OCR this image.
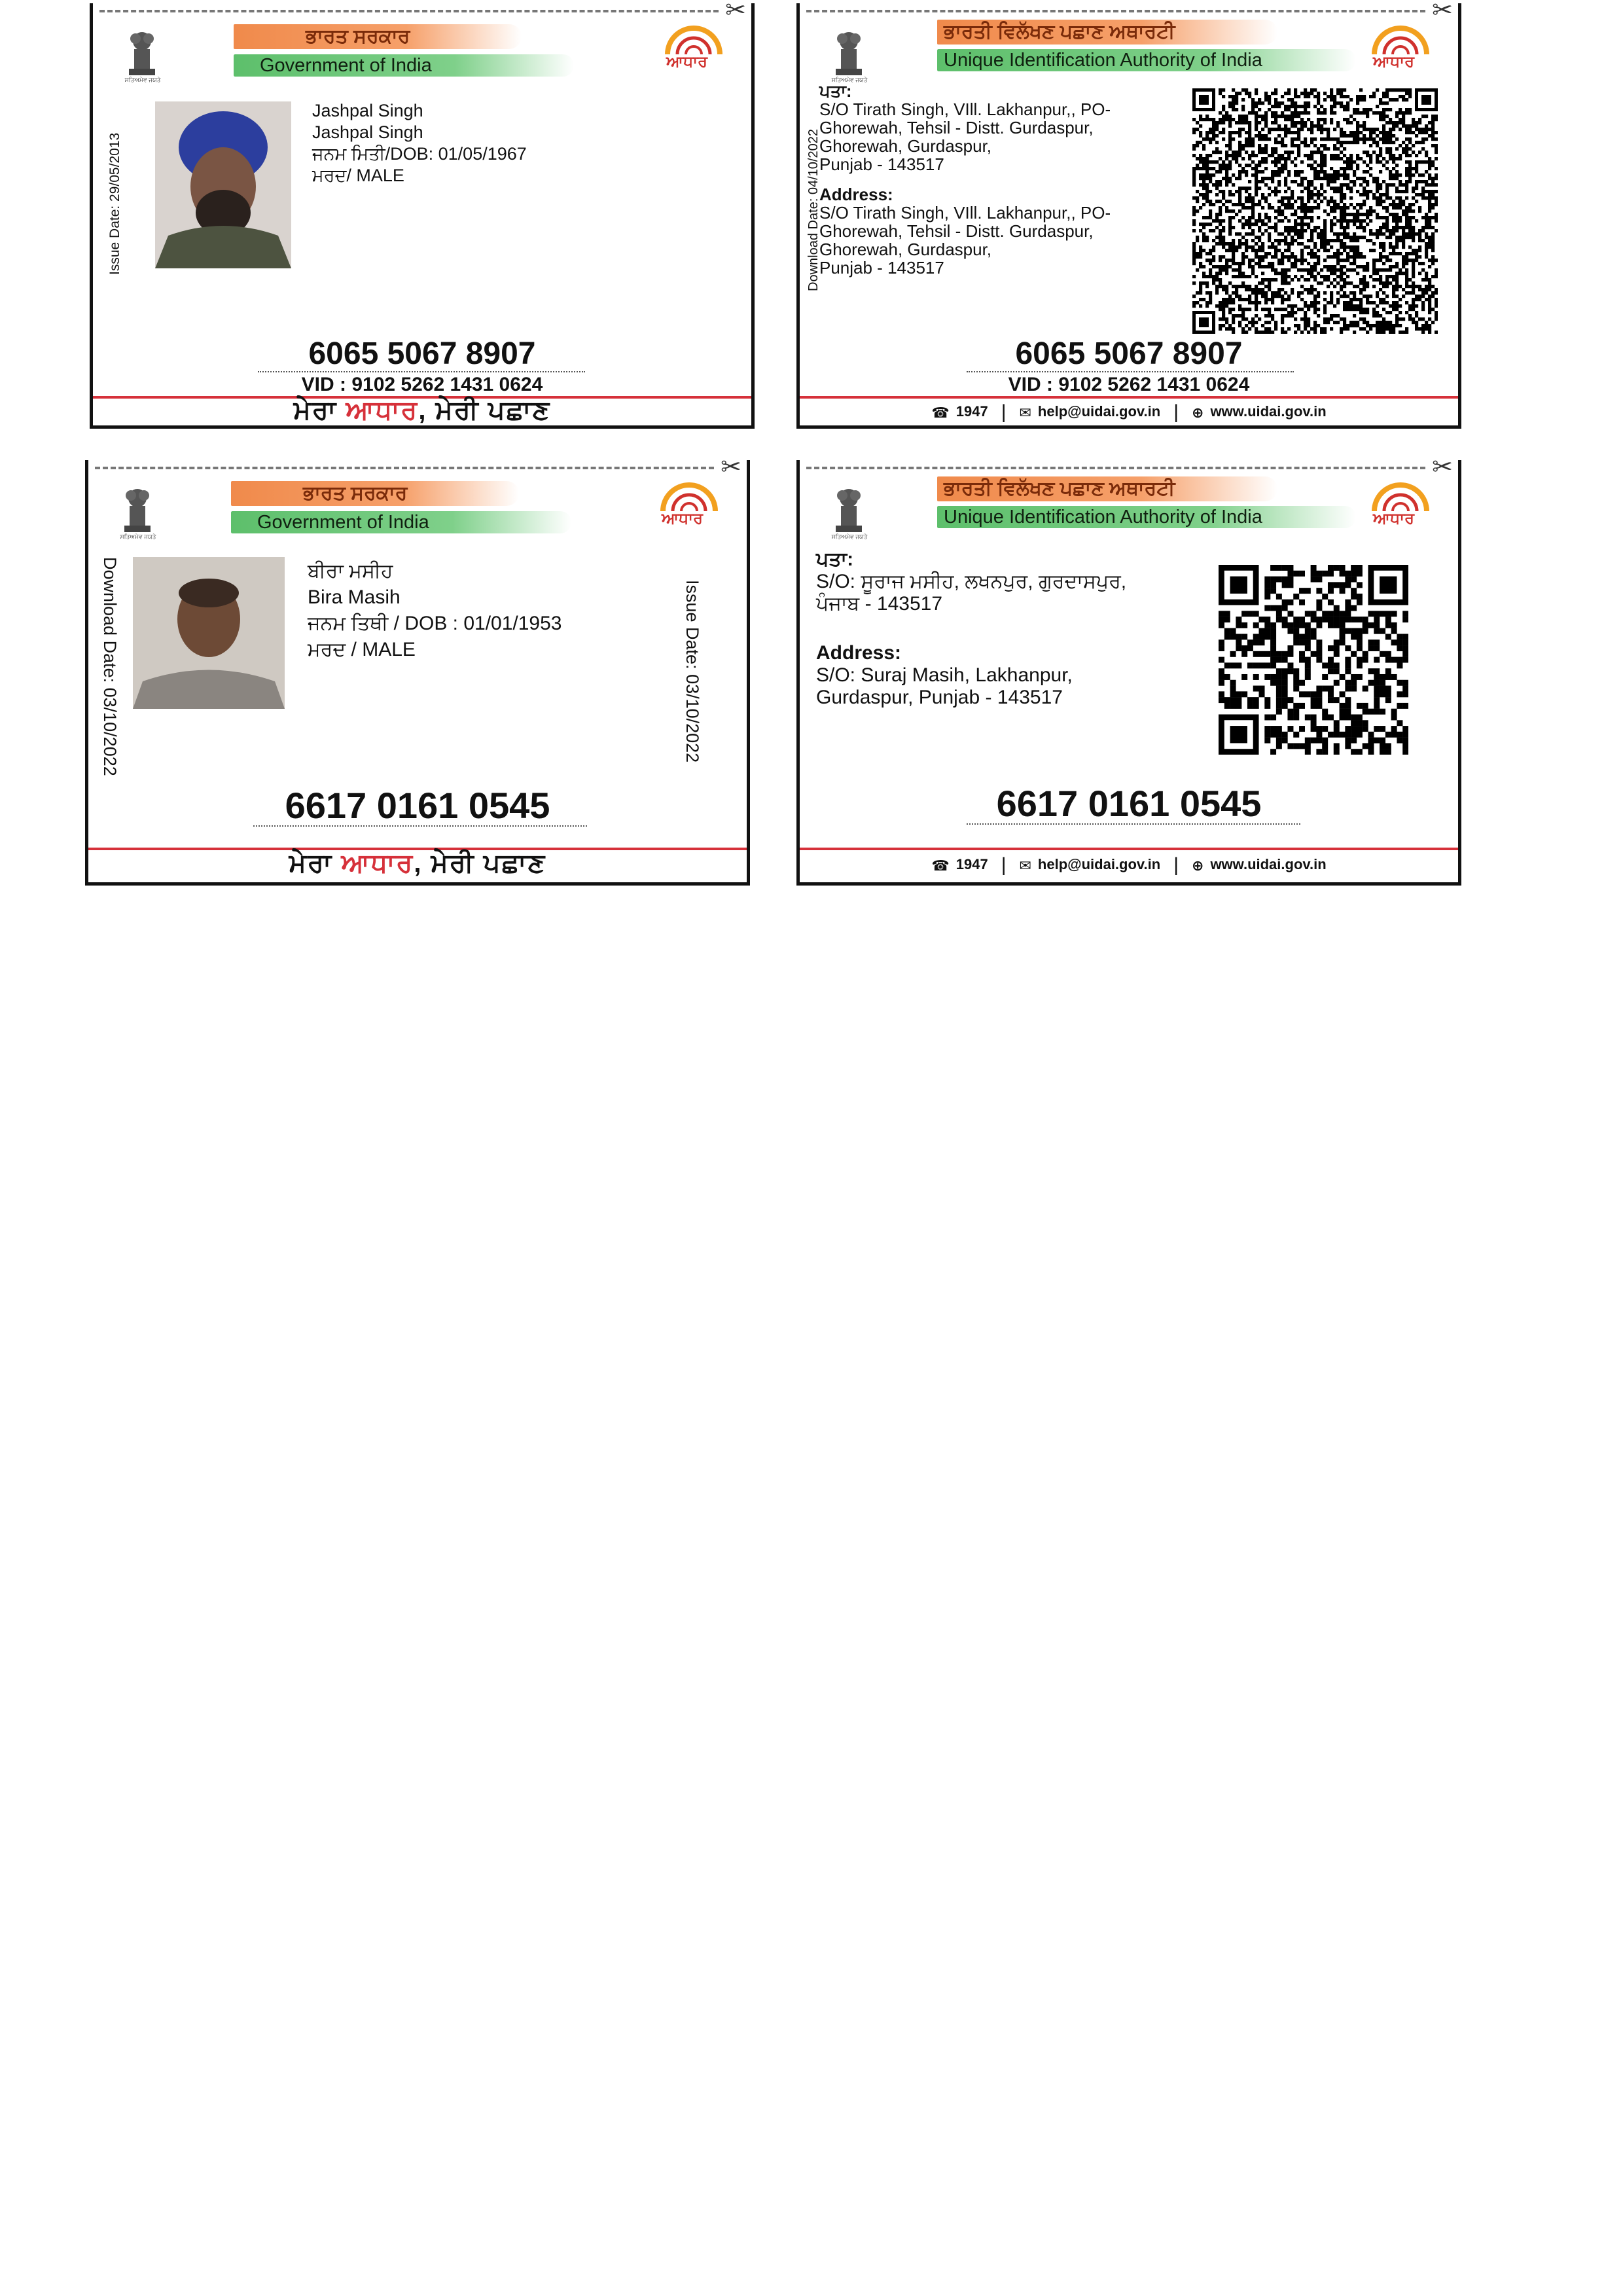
✂
ਸਤਿਅਮੇਵ ਜਯਤੇ
ਭਾਰਤ ਸਰਕਾਰ
Government of India	ਆਧਾਰ
Issue Date: 29/05/2013
Jashpal Singh
Jashpal Singh
ਜਨਮ ਮਿਤੀ/DOB: 01/05/1967
ਮਰਦ/ MALE
6065 5067 8907
VID : 9102 5262 1431 0624
ਮੇਰਾ ਆਧਾਰ, ਮੇਰੀ ਪਛਾਣ
✂
ਸਤਿਅਮੇਵ ਜਯਤੇ
ਭਾਰਤੀ ਵਿਲੱਖਣ ਪਛਾਣ ਅਥਾਰਟੀ
Unique Identification Authority of India	ਆਧਾਰ
Download Date: 04/10/2022
ਪਤਾ:
S/O Tirath Singh, VIll. Lakhanpur,, PO-
Ghorewah, Tehsil - Distt. Gurdaspur,
Ghorewah, Gurdaspur,
Punjab - 143517
Address:
S/O Tirath Singh, VIll. Lakhanpur,, PO-
Ghorewah, Tehsil - Distt. Gurdaspur,
Ghorewah, Gurdaspur,
Punjab - 143517
6065 5067 8907
VID : 9102 5262 1431 0624
☎ 1947 | ✉ help@uidai.gov.in | ⊕ www.uidai.gov.in
✂
ਸਤਿਅਮੇਵ ਜਯਤੇ
ਭਾਰਤ ਸਰਕਾਰ
Government of India	ਆਧਾਰ
Download Date: 03/10/2022	Issue Date: 03/10/2022
ਬੀਰਾ ਮਸੀਹ
Bira Masih
ਜਨਮ ਤਿਥੀ / DOB : 01/01/1953
ਮਰਦ / MALE
6617 0161 0545
ਮੇਰਾ ਆਧਾਰ, ਮੇਰੀ ਪਛਾਣ
✂
ਸਤਿਅਮੇਵ ਜਯਤੇ
ਭਾਰਤੀ ਵਿਲੱਖਣ ਪਛਾਣ ਅਥਾਰਟੀ
Unique Identification Authority of India	ਆਧਾਰ
ਪਤਾ:
S/O: ਸੂਰਾਜ ਮਸੀਹ, ਲਖਨਪੁਰ, ਗੁਰਦਾਸਪੁਰ,
ਪੰਜਾਬ - 143517
Address:
S/O: Suraj Masih, Lakhanpur,
Gurdaspur, Punjab - 143517
6617 0161 0545
☎ 1947 | ✉ help@uidai.gov.in | ⊕ www.uidai.gov.in
